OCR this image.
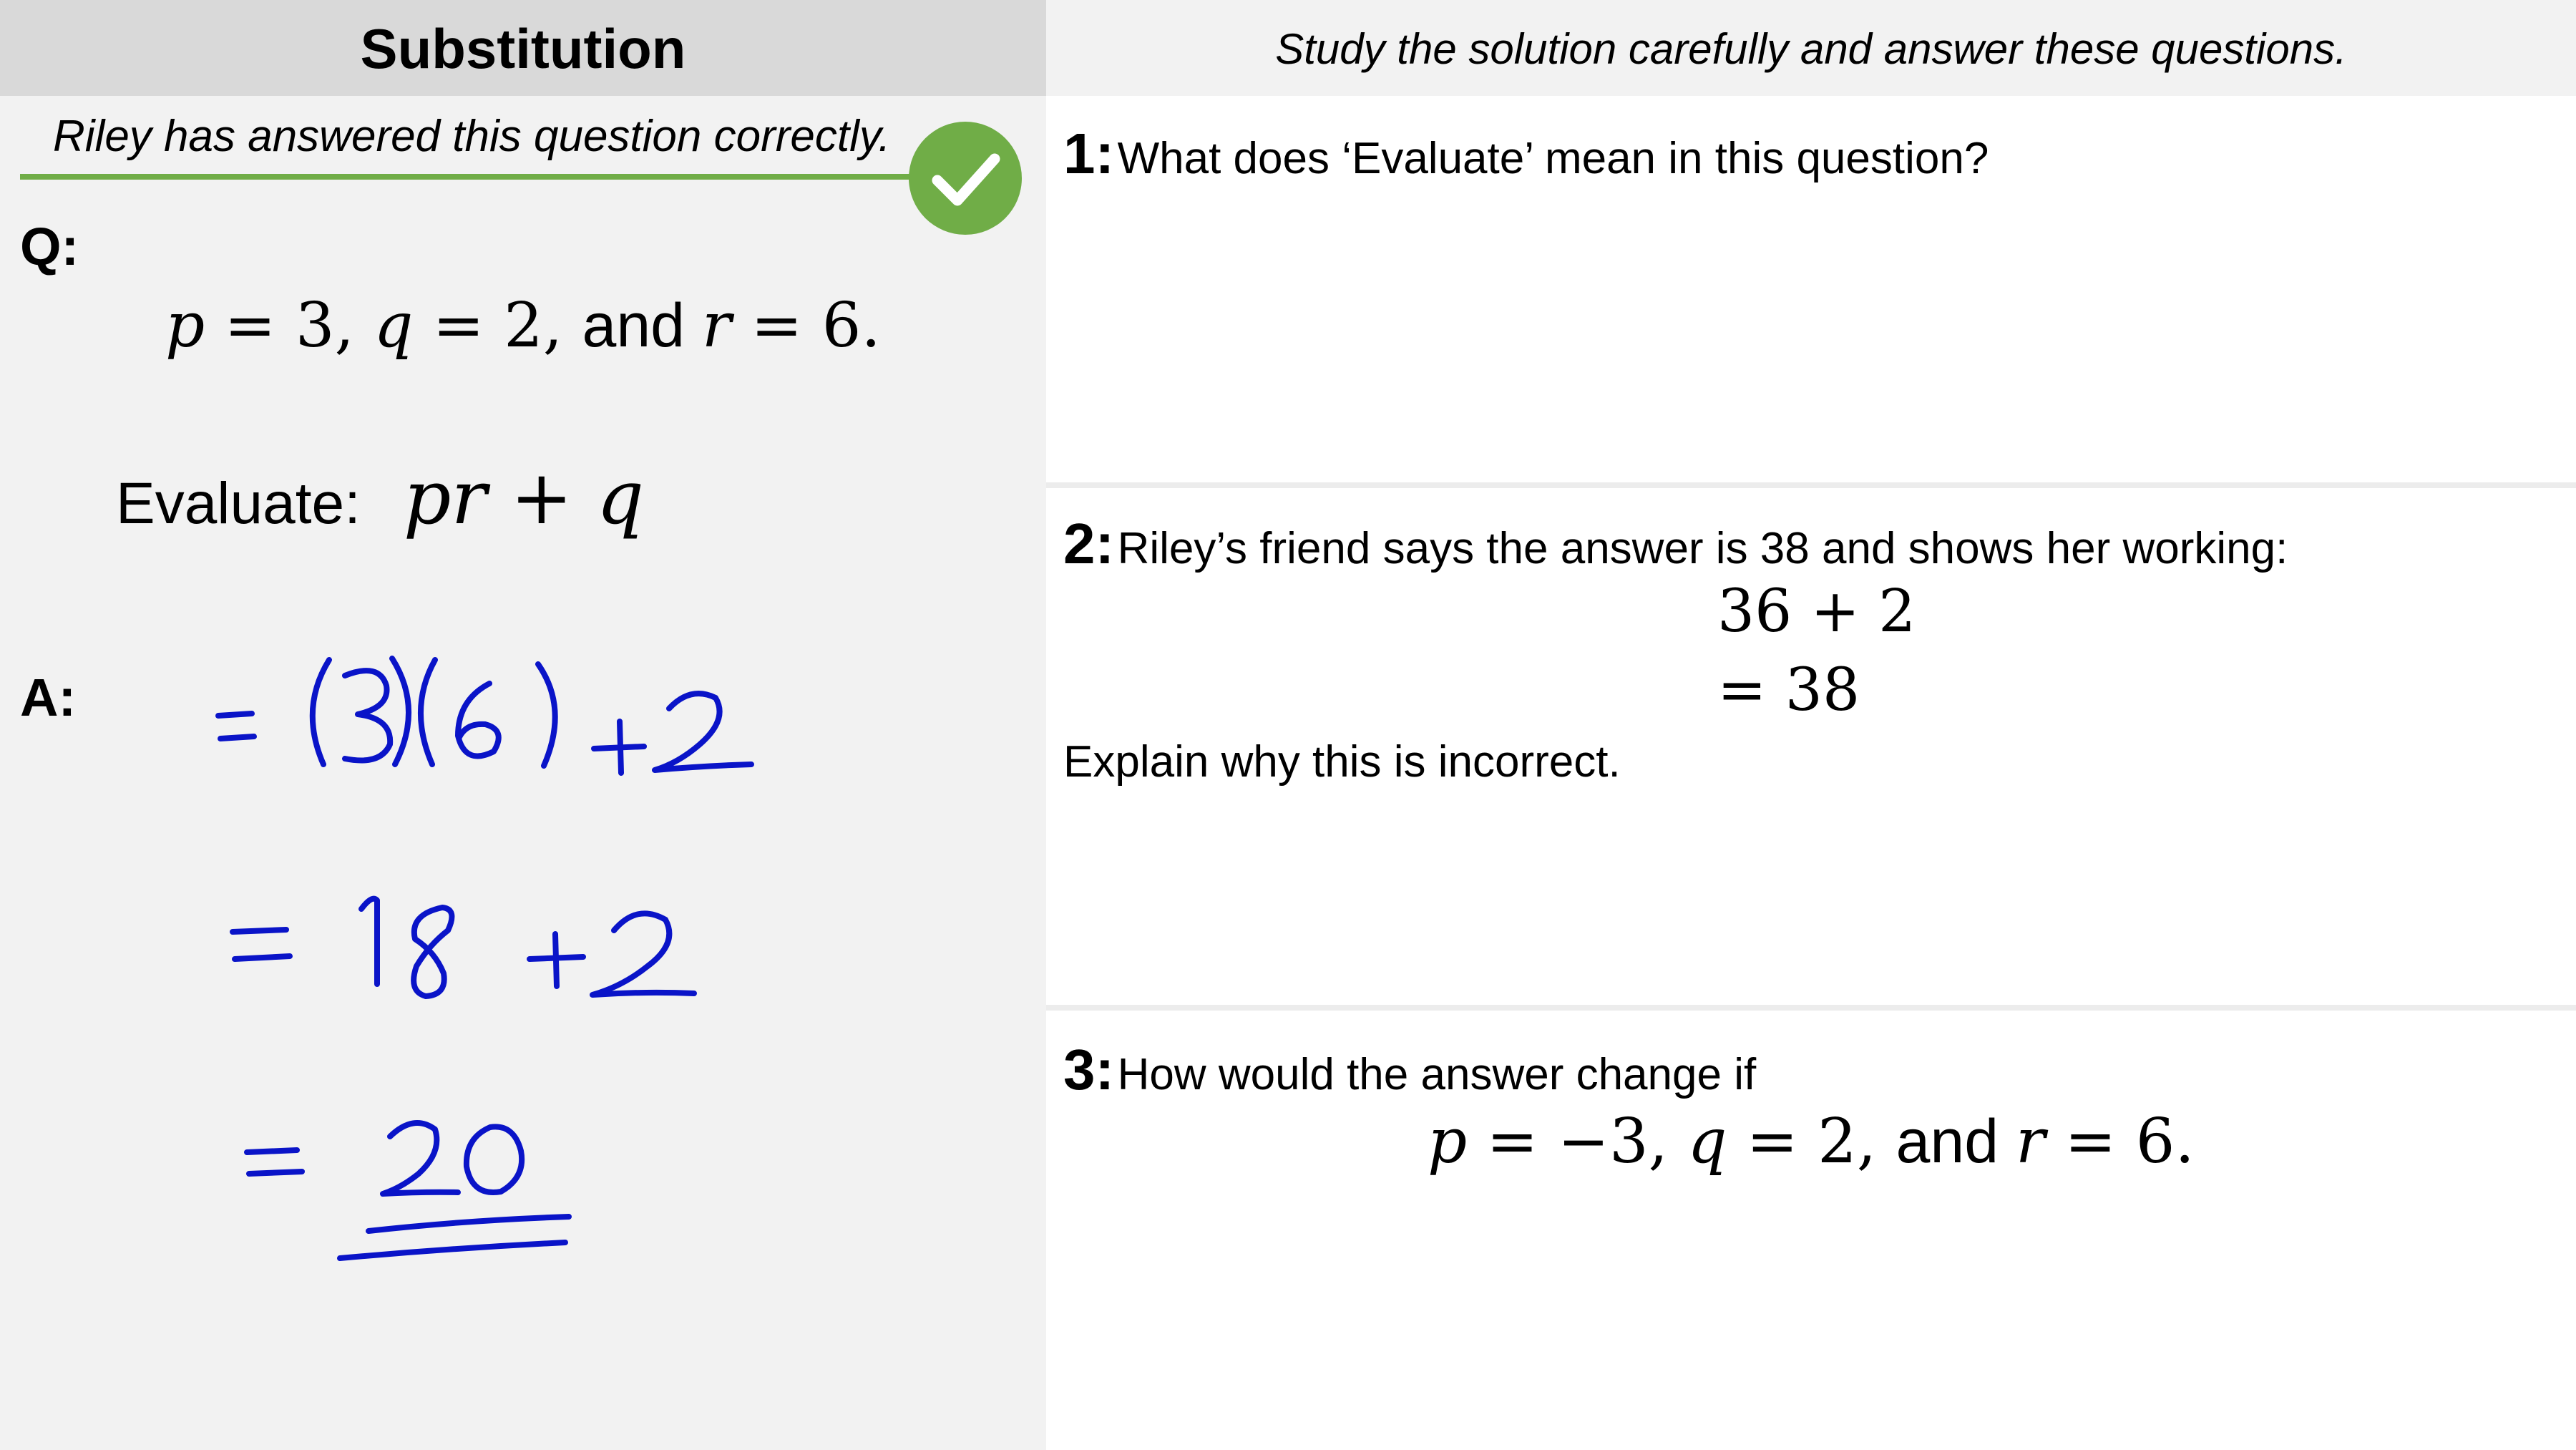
Substitution	Study the solution carefully and answer these questions.
Riley has answered this question correctly.
Q:
p = 3, q = 2, and r = 6.
Evaluate: pr + q
A:
1: What does ‘Evaluate’ mean in this question?
2: Riley’s friend says the answer is 38 and shows her working:
36 + 2
= 38
Explain why this is incorrect.
3: How would the answer change if
p = −3, q = 2, and r = 6.
